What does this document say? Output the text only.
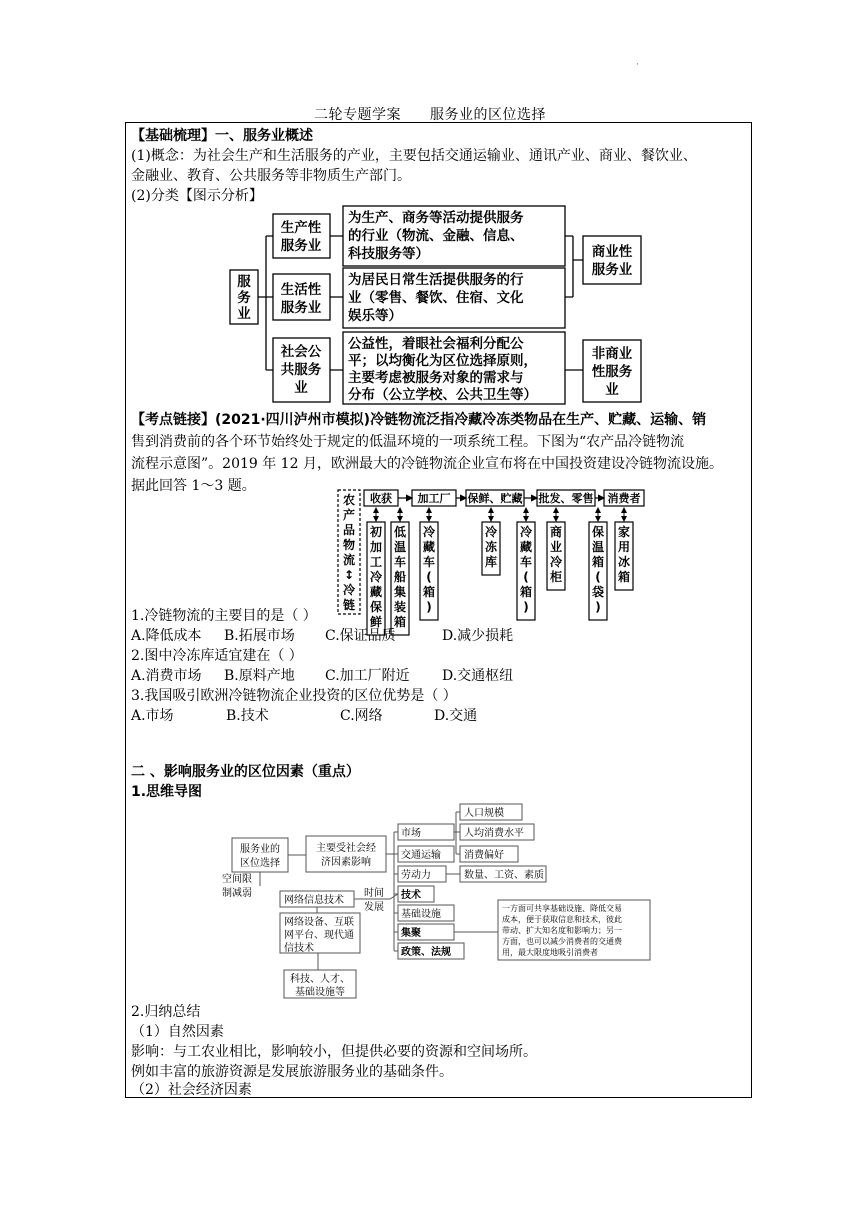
·
二轮专题学案 服务业的区位选择
【基础梳理】一、服务业概述
(1)概念：为社会生产和生活服务的产业，主要包括交通运输业、通讯产业、商业、餐饮业、
金融业、教育、公共服务等非物质生产部门。
(2)分类【图示分析】
服
务
业
生产性
服务业
生活性
服务业
社会公
共服务
业
为生产、商务等活动提供服务
的行业（物流、金融、信息、
科技服务等）
为居民日常生活提供服务的行
业（零售、餐饮、住宿、文化
娱乐等）
公益性，着眼社会福利分配公
平；以均衡化为区位选择原则，
主要考虑被服务对象的需求与
分布（公立学校、公共卫生等）
商业性
服务业
非商业
性服务
业
【考点链接】(2021·四川泸州市模拟)冷链物流泛指冷藏冷冻类物品在生产、贮藏、运输、销
售到消费前的各个环节始终处于规定的低温环境的一项系统工程。下图为“农产品冷链物流
流程示意图”。2019 年 12 月，欧洲最大的冷链物流企业宣布将在中国投资建设冷链物流设施。
据此回答 1～3 题。
农
产
品
物
流
↕
冷
链
收获 加工厂 保鲜、贮藏 批发、零售 消费者
初
加
工
冷
藏
保
鲜
低
温
车
船
集
装
箱
冷
藏
车
(
箱
)
冷
冻
库
冷
藏
车
(
箱
)
商
业
冷
柜
保
温
箱
(
袋
)
家
用
冰
箱
1.冷链物流的主要目的是（ ）
A.降低成本 B.拓展市场 C.保证品质	D.减少损耗
2.图中冷冻库适宜建在（ ）
A.消费市场 B.原料产地 C.加工厂附近 D.交通枢纽
3.我国吸引欧洲冷链物流企业投资的区位优势是（ ）
A.市场	B.技术	C.网络	D.交通
二 、影响服务业的区位因素（重点）
1.思维导图
服务业的
区位选择
主要受社会经
济因素影响
市场
交通运输
劳动力
技术
基础设施
集聚
政策、法规
人口规模
人均消费水平
消费偏好
数量、工资、素质
空间限
制减弱
网络信息技术
时间
发展
网络设备、互联
网平台、现代通
信技术
科技、人才、
基础设施等
一方面可共享基础设施、降低交易
成本，便于获取信息和技术，彼此
带动、扩大知名度和影响力；另一
方面，也可以减少消费者的交通费
用，最大限度地吸引消费者
2.归纳总结
（1）自然因素
影响：与工农业相比，影响较小，但提供必要的资源和空间场所。
例如丰富的旅游资源是发展旅游服务业的基础条件。
（2）社会经济因素
